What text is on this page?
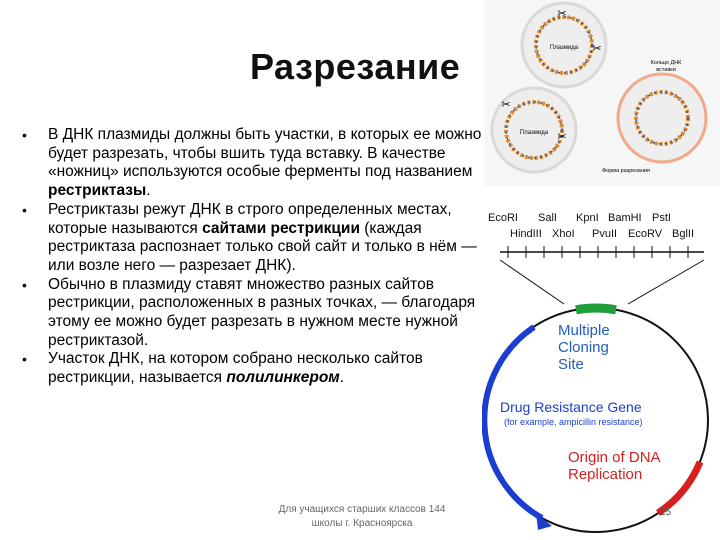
Разрезание
• В ДНК плазмиды должны быть участки, в которых ее можно будет разрезать, чтобы вшить туда вставку. В качестве «ножниц» используются особые ферменты под названием рестриктазы.
• Рестриктазы режут ДНК в строго определенных местах, которые называются сайтами рестрикции (каждая рестриктаза распознает только свой сайт и только в нём — или возле него — разрезает ДНК).
• Обычно в плазмиду ставят множество разных сайтов рестрикции, расположенных в разных точках, — благодаря этому ее можно будет разрезать в нужном месте нужной рестриктазой.
• Участок ДНК, на котором собрано несколько сайтов рестрикции, называется полилинкером.
Плазмида
✂
✂
Плазмида
✂
✂
Кольцо ДНК
вставки
Форма разрезания
EcoRI SalI KpnI BamHI PstI
HindIII XhoI PvuII EcoRV BglII
Multiple
Cloning
Site
Drug Resistance Gene
(for example, ampicillin resistance)
Origin of DNA
Replication
Для учащихся старших классов 144
школы г. Красноярска
15
